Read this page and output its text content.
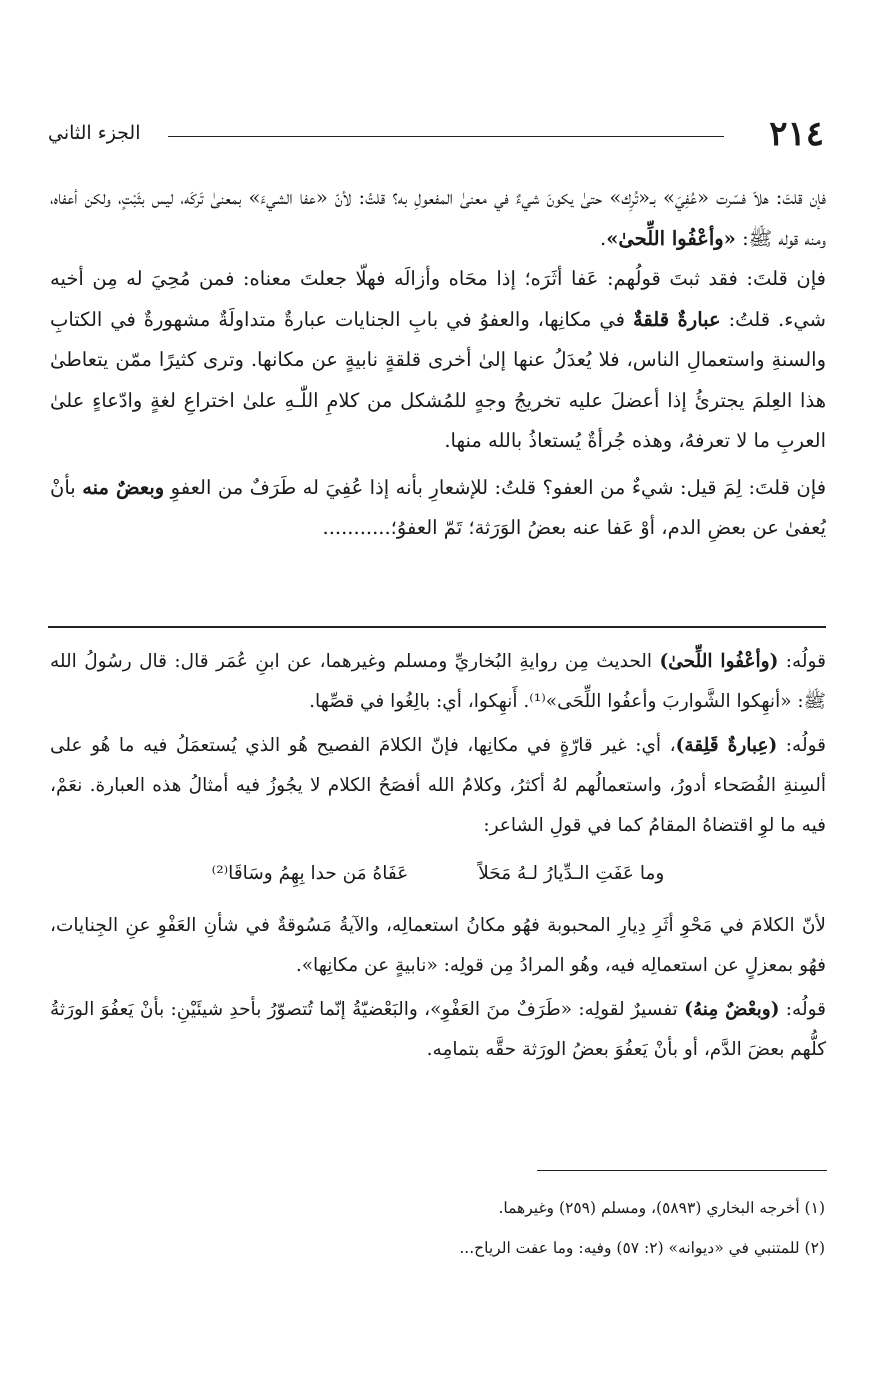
٢١٤
الجزء الثاني

فإن قلتَ: هلاّ فسّرت «عُفِيَ» بـ«تُرِك» حتىٰ يكونَ شيءٌ في معنىٰ المفعولِ به؟ قلتُ: لأنّ «عفا الشيءَ» بمعنىٰ تَركَه، ليس بثَبْتٍ، ولكن أعفاه، ومنه قوله ﷺ: «وأعْفُوا اللِّحىٰ».

فإن قلتَ: فقد ثبتَ قولُهم: عَفا أثَرَه؛ إذا محَاه وأزالَه فهلّا جعلتَ معناه: فمن مُحِيَ له مِن أخيه شيء. قلتُ: عبارةٌ قلقةٌ في مكانِها، والعفوُ في بابِ الجنايات عبارةٌ متداولَةٌ مشهورةٌ في الكتابِ والسنةِ واستعمالِ الناس، فلا يُعدَلُ عنها إلىٰ أخرى قلقةٍ نابيةٍ عن مكانها. وترى كثيرًا ممّن يتعاطىٰ هذا العِلمَ يجترئُ إذا أعضلَ عليه تخريجُ وجهٍ للمُشكل من كلامِ اللّٰـهِ علىٰ اختراعِ لغةٍ وادّعاءٍ علىٰ العربِ ما لا تعرفهُ، وهذه جُرأةٌ يُستعاذُ بالله منها.

فإن قلتَ: لِمَ قيل: شيءٌ من العفو؟ قلتُ: للإشعارِ بأنه إذا عُفِيَ له طَرَفٌ من العفوِ وبعضٌ منه بأنْ يُعفىٰ عن بعضِ الدم، أوْ عَفا عنه بعضُ الوَرَثة؛ تَمّ العفوُ؛...........

قولُه: (وأعْفُوا اللِّحىٰ) الحديث مِن روايةِ البُخاريِّ ومسلم وغيرهما، عن ابنِ عُمَر قال: قال رسُولُ الله ﷺ: «أنهِكوا الشَّواربَ وأعفُوا اللِّحَى»⁽¹⁾. أَنهِكوا، أي: بالِغُوا في قصِّها.

قولُه: (عِبارةٌ قَلِقة)، أي: غير قارّةٍ في مكانِها، فإنّ الكلامَ الفصيح هُو الذي يُستعمَلُ فيه ما هُو على ألسِنةِ الفُصَحاء أدورُ، واستعمالُهم لهُ أكثرُ، وكلامُ الله أفصَحُ الكلام لا يجُوزُ فيه أمثالُ هذه العبارة. نعَمْ، فيه ما لوِ اقتضاهُ المقامُ كما في قولِ الشاعر:

وما عَفَتِ الـدِّيارُ لـهُ مَحَلاً
عَفَاهُ مَن حدا بِهِمُ وسَاقَا⁽²⁾

لأنّ الكلامَ في مَحْوِ أثَرِ دِيارِ المحبوبة فهُو مكانُ استعمالِه، والآيةُ مَسُوقةٌ في شأنِ العَفْوِ عنِ الجِنايات، فهُو بمعزلٍ عن استعمالِه فيه، وهُو المرادُ مِن قولِه: «نابيةٍ عن مكانِها».

قولُه: (وبعْضٌ مِنهُ) تفسيرٌ لقولِه: «طَرَفٌ منَ العَفْوِ»، والبَعْضيّةُ إنّما تُتصوّرُ بأحدِ شيئَيْنِ: بأنْ يَعفُوَ الورَثةُ كلُّهم بعضَ الدَّم، أو بأنْ يَعفُوَ بعضُ الورَثة حقَّه بتمامِه.

(١) أخرجه البخاري (٥٨٩٣)، ومسلم (٢٥٩) وغيرهما.

(٢) للمتنبي في «ديوانه» (٢: ٥٧) وفيه: وما عفت الرياح...
